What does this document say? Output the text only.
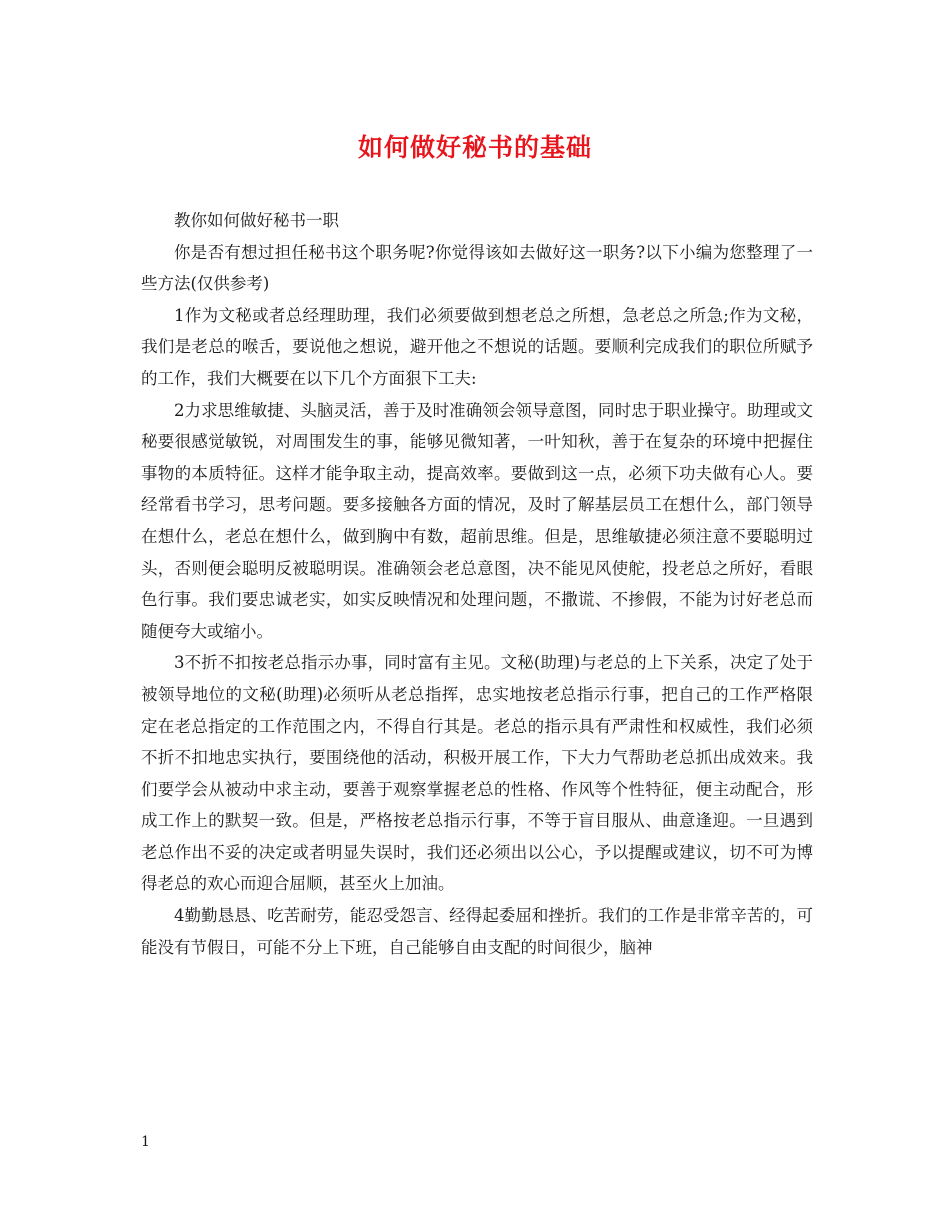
如何做好秘书的基础

教你如何做好秘书一职

你是否有想过担任秘书这个职务呢?你觉得该如去做好这一职务?以下小编为您整理了一些方法(仅供参考)

1作为文秘或者总经理助理，我们必须要做到想老总之所想，急老总之所急;作为文秘，我们是老总的喉舌，要说他之想说，避开他之不想说的话题。要顺利完成我们的职位所赋予的工作，我们大概要在以下几个方面狠下工夫:

2力求思维敏捷、头脑灵活，善于及时准确领会领导意图，同时忠于职业操守。助理或文秘要很感觉敏锐，对周围发生的事，能够见微知著，一叶知秋，善于在复杂的环境中把握住事物的本质特征。这样才能争取主动，提高效率。要做到这一点，必须下功夫做有心人。要经常看书学习，思考问题。要多接触各方面的情况，及时了解基层员工在想什么，部门领导在想什么，老总在想什么，做到胸中有数，超前思维。但是，思维敏捷必须注意不要聪明过头，否则便会聪明反被聪明误。准确领会老总意图，决不能见风使舵，投老总之所好，看眼色行事。我们要忠诚老实，如实反映情况和处理问题，不撒谎、不掺假，不能为讨好老总而随便夸大或缩小。

3不折不扣按老总指示办事，同时富有主见。文秘(助理)与老总的上下关系，决定了处于被领导地位的文秘(助理)必须听从老总指挥，忠实地按老总指示行事，把自己的工作严格限定在老总指定的工作范围之内，不得自行其是。老总的指示具有严肃性和权威性，我们必须不折不扣地忠实执行，要围绕他的活动，积极开展工作，下大力气帮助老总抓出成效来。我们要学会从被动中求主动，要善于观察掌握老总的性格、作风等个性特征，便主动配合，形成工作上的默契一致。但是，严格按老总指示行事，不等于盲目服从、曲意逢迎。一旦遇到老总作出不妥的决定或者明显失误时，我们还必须出以公心，予以提醒或建议，切不可为博得老总的欢心而迎合屈顺，甚至火上加油。

4勤勤恳恳、吃苦耐劳，能忍受怨言、经得起委屈和挫折。我们的工作是非常辛苦的，可能没有节假日，可能不分上下班，自己能够自由支配的时间很少，脑神

1
